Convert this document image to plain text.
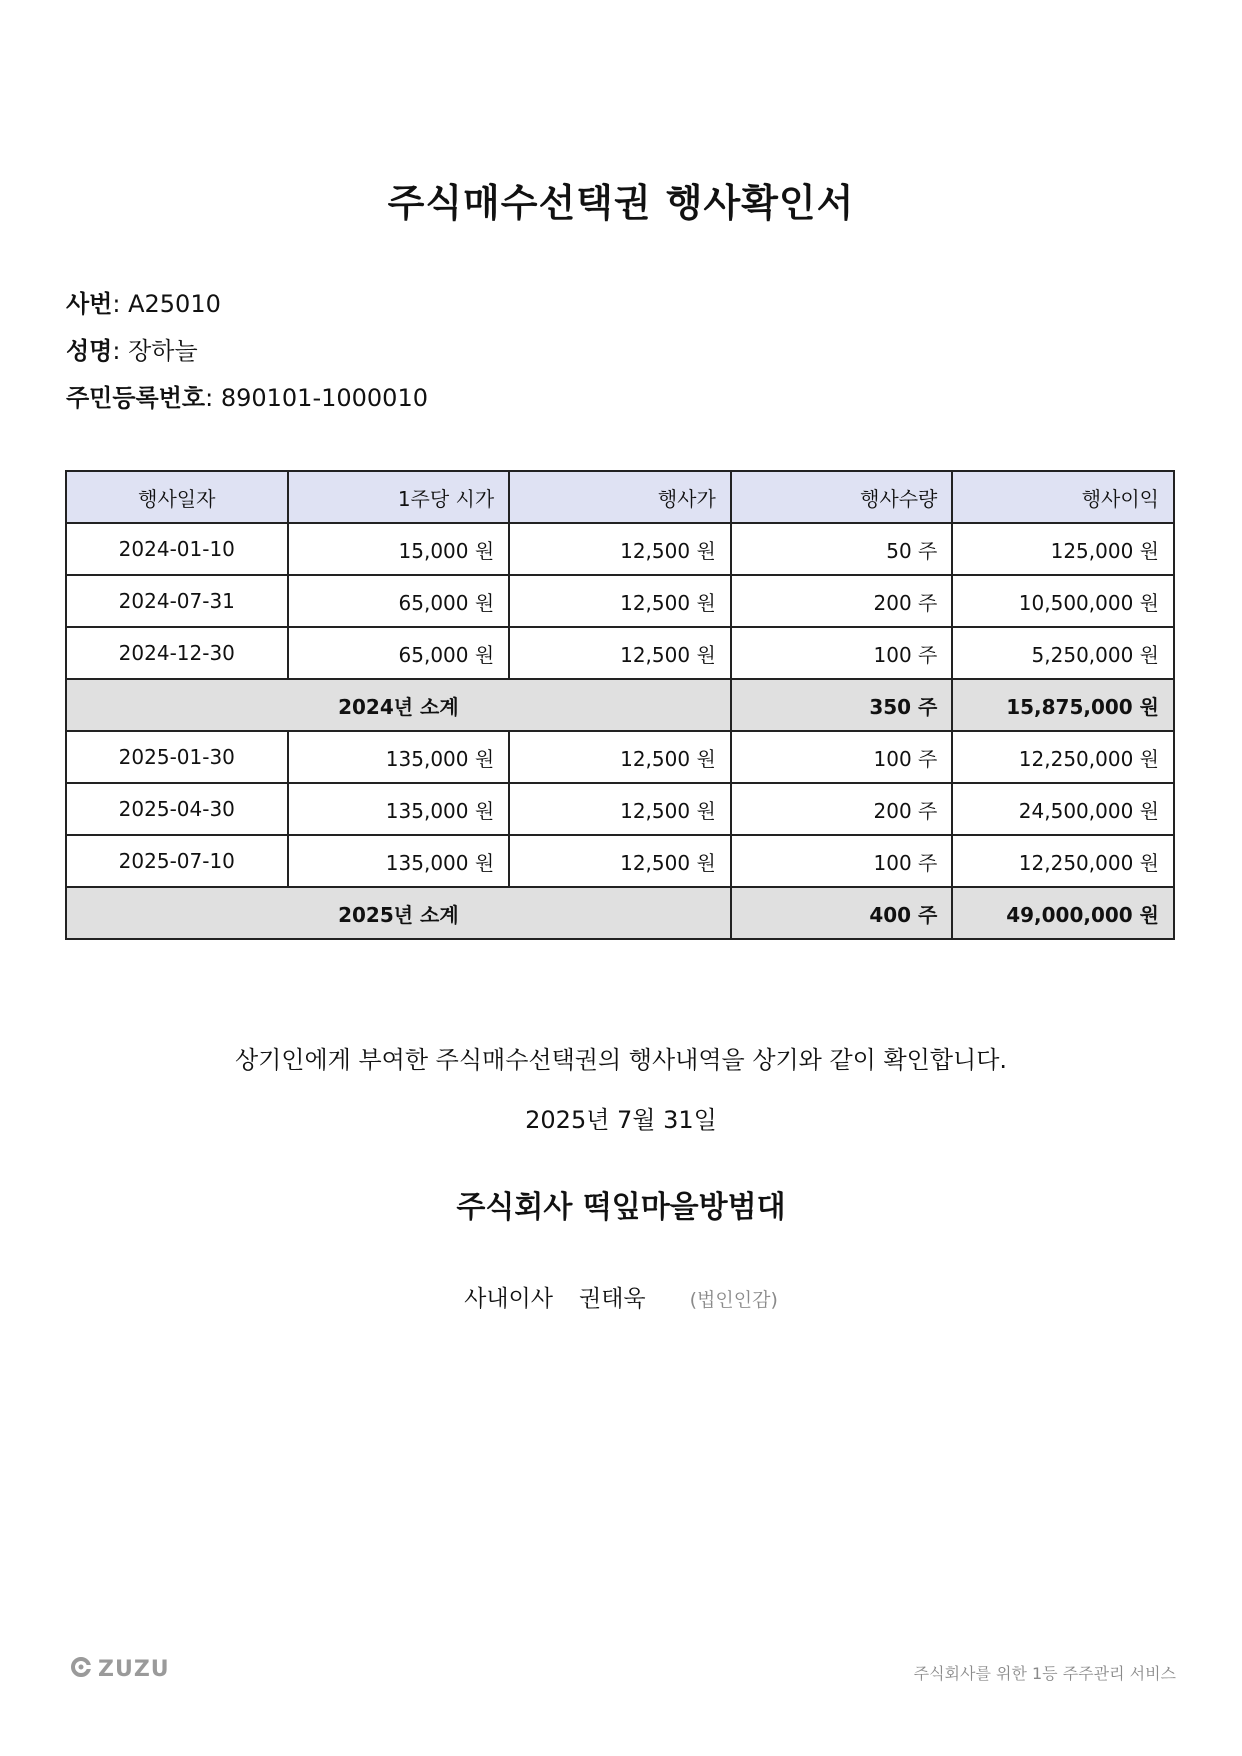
주식매수선택권 행사확인서
사번: A25010
성명: 장하늘
주민등록번호: 890101-1000010
행사일자	1주당 시가	행사가	행사수량	행사이익
2024-01-10	15,000 원	12,500 원	50 주	125,000 원
2024-07-31	65,000 원	12,500 원	200 주	10,500,000 원
2024-12-30	65,000 원	12,500 원	100 주	5,250,000 원
2024년 소계			350 주	15,875,000 원
2025-01-30	135,000 원	12,500 원	100 주	12,250,000 원
2025-04-30	135,000 원	12,500 원	200 주	24,500,000 원
2025-07-10	135,000 원	12,500 원	100 주	12,250,000 원
2025년 소계			400 주	49,000,000 원
상기인에게 부여한 주식매수선택권의 행사내역을 상기와 같이 확인합니다.
2025년 7월 31일
주식회사 떡잎마을방범대
사내이사 권태욱 (법인인감)
ZUZU	주식회사를 위한 1등 주주관리 서비스
